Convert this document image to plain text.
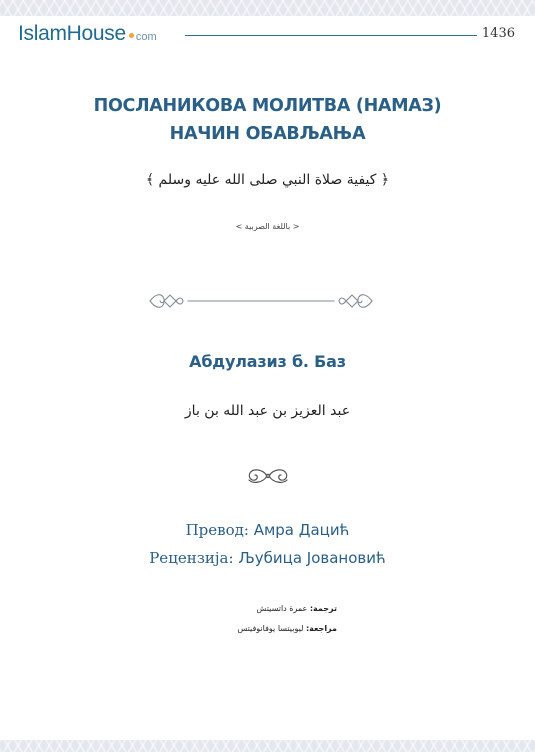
IslamHouse com	1436
ПОСЛАНИКОВА МОЛИТВА (НАМАЗ)
НАЧИН ОБАВЉАЊА
﴿ كيفية صلاة النبي صلى الله عليه وسلم ﴾
< باللغة الصربية >
Абдулазиз б. Баз
عبد العزيز بن عبد الله بن باز
Превод: Амра Дацић
Рецензија: Љубица Јовановић
ترجمة: عمرة داتسيتش
مراجعة: ليوبيتسا يوفانوفيتس
